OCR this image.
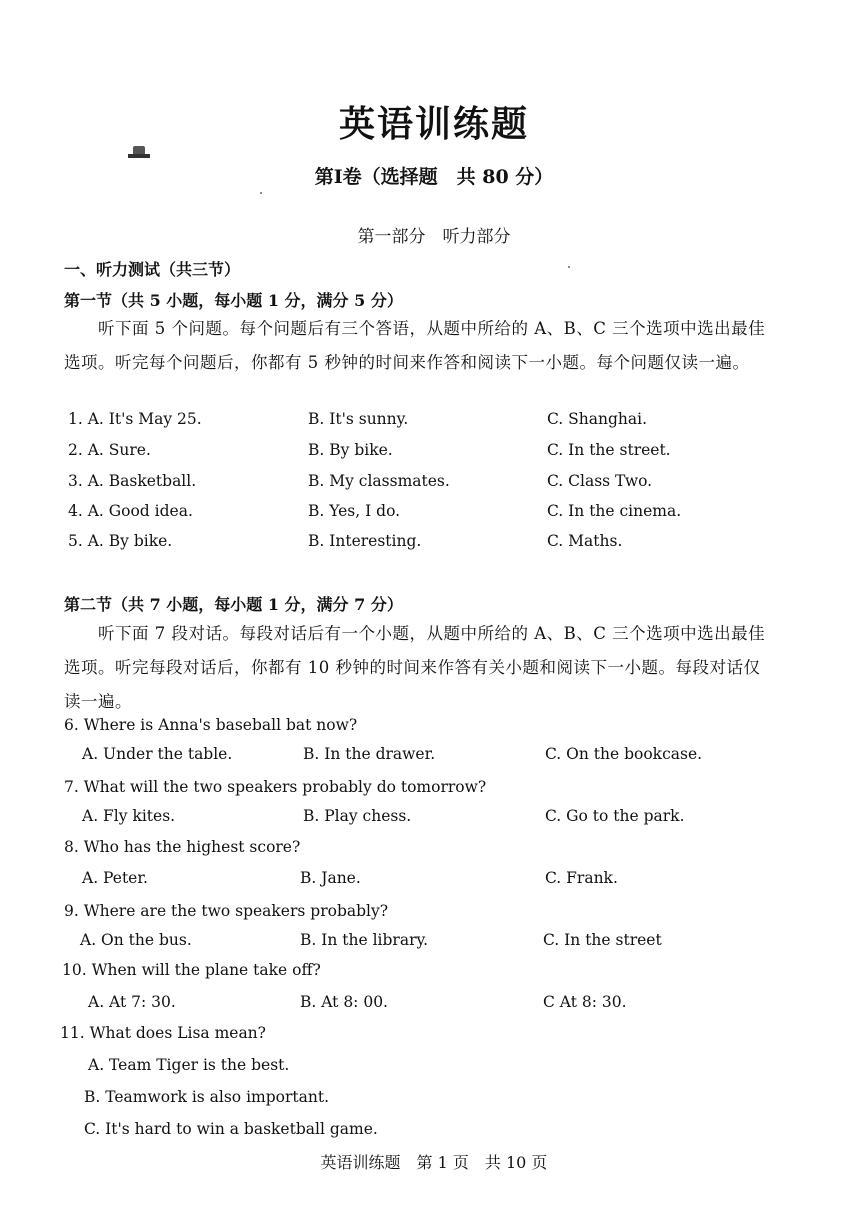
英语训练题
第Ⅰ卷（选择题　共 80 分）
第一部分　听力部分
一、听力测试（共三节）
第一节（共 5 小题，每小题 1 分，满分 5 分）
听下面 5 个问题。每个问题后有三个答语，从题中所给的 A、B、C 三个选项中选出最佳选项。听完每个问题后，你都有 5 秒钟的时间来作答和阅读下一小题。每个问题仅读一遍。
1. A. It's May 25.	B. It's sunny.	C. Shanghai.
2. A. Sure.	B. By bike.	C. In the street.
3. A. Basketball.	B. My classmates.	C. Class Two.
4. A. Good idea.	B. Yes, I do.	C. In the cinema.
5. A. By bike.	B. Interesting.	C. Maths.
第二节（共 7 小题，每小题 1 分，满分 7 分）
听下面 7 段对话。每段对话后有一个小题，从题中所给的 A、B、C 三个选项中选出最佳选项。听完每段对话后，你都有 10 秒钟的时间来作答有关小题和阅读下一小题。每段对话仅读一遍。
6. Where is Anna's baseball bat now?
A. Under the table.	B. In the drawer.	C. On the bookcase.
7. What will the two speakers probably do tomorrow?
A. Fly kites.	B. Play chess.	C. Go to the park.
8. Who has the highest score?
A. Peter.	B. Jane.	C. Frank.
9. Where are the two speakers probably?
A. On the bus.	B. In the library.	C. In the street
10. When will the plane take off?
A. At 7: 30.	B. At 8: 00.	C At 8: 30.
11. What does Lisa mean?
A. Team Tiger is the best.
B. Teamwork is also important.
C. It's hard to win a basketball game.
英语训练题　第 1 页　共 10 页
